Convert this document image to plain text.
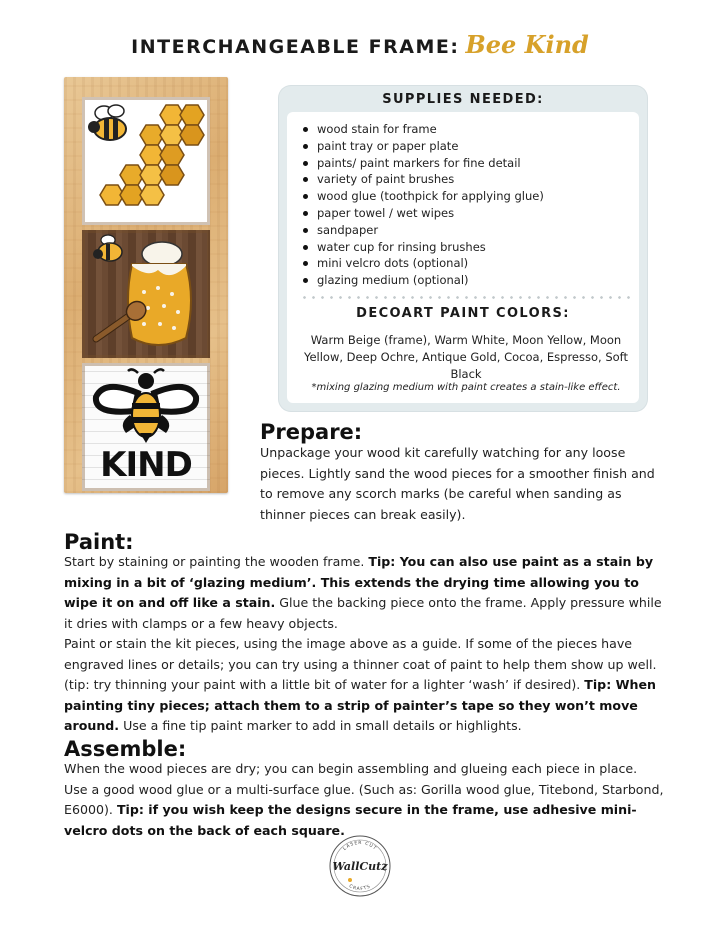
INTERCHANGEABLE FRAME: Bee Kind
KIND
SUPPLIES NEEDED:
wood stain for frame
paint tray or paper plate
paints/ paint markers for fine detail
variety of paint brushes
wood glue (toothpick for applying glue)
paper towel / wet wipes
sandpaper
water cup for rinsing brushes
mini velcro dots (optional)
glazing medium (optional)
DECOART PAINT COLORS:
Warm Beige (frame), Warm White, Moon Yellow, Moon Yellow, Deep Ochre, Antique Gold, Cocoa, Espresso, Soft Black
*mixing glazing medium with paint creates a stain-like effect.
Prepare:
Unpackage your wood kit carefully watching for any loose pieces. Lightly sand the wood pieces for a smoother finish and to remove any scorch marks (be careful when sanding as thinner pieces can break easily).
Paint:
Start by staining or painting the wooden frame. Tip: You can also use paint as a stain by mixing in a bit of ‘glazing medium’. This extends the drying time allowing you to wipe it on and off like a stain. Glue the backing piece onto the frame. Apply pressure while it dries with clamps or a few heavy objects.
Paint or stain the kit pieces, using the image above as a guide. If some of the pieces have engraved lines or details; you can try using a thinner coat of paint to help them show up well. (tip: try thinning your paint with a little bit of water for a lighter ‘wash’ if desired). Tip: When painting tiny pieces; attach them to a strip of painter’s tape so they won’t move around. Use a fine tip paint marker to add in small details or highlights.
Assemble:
When the wood pieces are dry; you can begin assembling and glueing each piece in place. Use a good wood glue or a multi-surface glue. (Such as: Gorilla wood glue, Titebond, Starbond, E6000). Tip: if you wish keep the designs secure in the frame, use adhesive mini-velcro dots on the back of each square.
LASER CUT
CRAFTS
WallCutz
